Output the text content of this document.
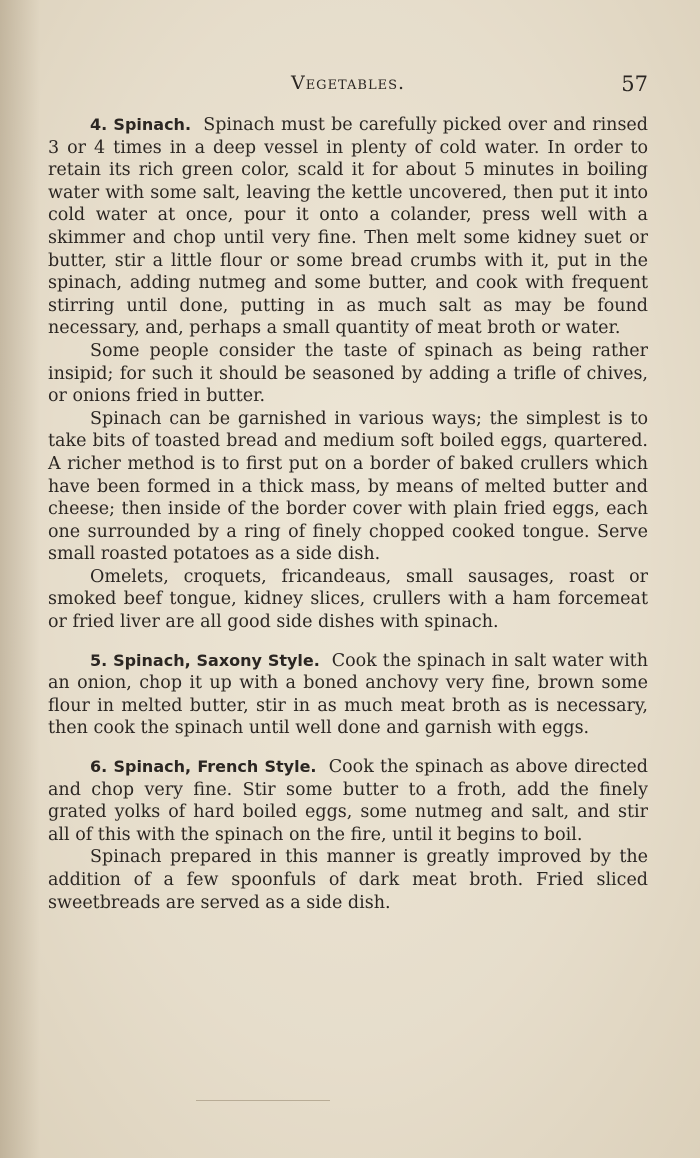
Vegetables.	57

4. Spinach. Spinach must be carefully picked over and rinsed 3 or 4 times in a deep vessel in plenty of cold water. In order to retain its rich green color, scald it for about 5 minutes in boiling water with some salt, leaving the kettle uncovered, then put it into cold water at once, pour it onto a colander, press well with a skimmer and chop until very fine. Then melt some kidney suet or butter, stir a little flour or some bread crumbs with it, put in the spinach, adding nutmeg and some butter, and cook with frequent stirring until done, putting in as much salt as may be found necessary, and, perhaps a small quantity of meat broth or water.

Some people consider the taste of spinach as being rather insipid; for such it should be seasoned by adding a trifle of chives, or onions fried in butter.

Spinach can be garnished in various ways; the simplest is to take bits of toasted bread and medium soft boiled eggs, quartered. A richer method is to first put on a border of baked crullers which have been formed in a thick mass, by means of melted butter and cheese; then inside of the border cover with plain fried eggs, each one surrounded by a ring of finely chopped cooked tongue. Serve small roasted potatoes as a side dish.

Omelets, croquets, fricandeaus, small sausages, roast or smoked beef tongue, kidney slices, crullers with a ham forcemeat or fried liver are all good side dishes with spinach.

5. Spinach, Saxony Style. Cook the spinach in salt water with an onion, chop it up with a boned anchovy very fine, brown some flour in melted butter, stir in as much meat broth as is necessary, then cook the spinach until well done and garnish with eggs.

6. Spinach, French Style. Cook the spinach as above directed and chop very fine. Stir some butter to a froth, add the finely grated yolks of hard boiled eggs, some nutmeg and salt, and stir all of this with the spinach on the fire, until it begins to boil.

Spinach prepared in this manner is greatly improved by the addition of a few spoonfuls of dark meat broth. Fried sliced sweetbreads are served as a side dish.
